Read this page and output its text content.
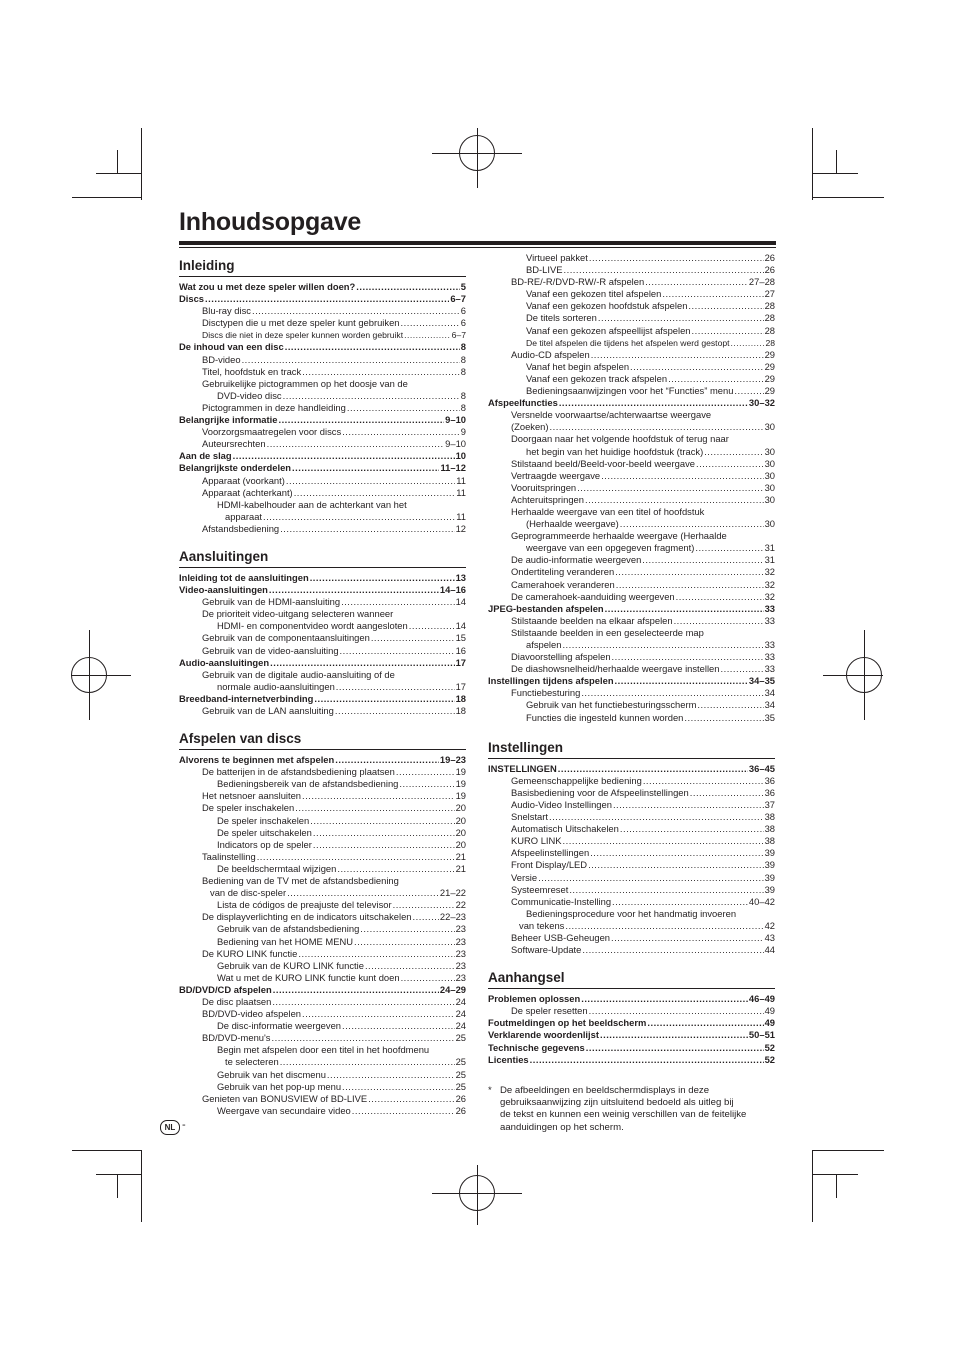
Inhoudsopgave
Inleiding
Wat zou u met deze speler willen doen? .....	5
Discs .....	6–7
Blu-ray disc .....	6
Disctypen die u met deze speler kunt gebruiken .....	6
Discs die niet in deze speler kunnen worden gebruikt .....	6–7
De inhoud van een disc .....	8
BD-video .....	8
Titel, hoofdstuk en track .....	8
Gebruikelijke pictogrammen op het doosje van de
DVD-video disc .....	8
Pictogrammen in deze handleiding .....	8
Belangrijke informatie .....	9–10
Voorzorgsmaatregelen voor discs .....	9
Auteursrechten .....	9–10
Aan de slag .....	10
Belangrijkste onderdelen .....	11–12
Apparaat (voorkant) .....	11
Apparaat (achterkant) .....	11
HDMI-kabelhouder aan de achterkant van het
apparaat .....	11
Afstandsbediening .....	12
Aansluitingen
Inleiding tot de aansluitingen .....	13
Video-aansluitingen .....	14–16
Gebruik van de HDMI-aansluiting .....	14
De prioriteit video-uitgang selecteren wanneer
HDMI- en componentvideo wordt aangesloten .....	14
Gebruik van de componentaansluitingen .....	15
Gebruik van de video-aansluiting .....	16
Audio-aansluitingen .....	17
Gebruik van de digitale audio-aansluiting of de
normale audio-aansluitingen .....	17
Breedband-internetverbinding .....	18
Gebruik van de LAN aansluiting .....	18
Afspelen van discs
Alvorens te beginnen met afspelen .....	19–23
De batterijen in de afstandsbediening plaatsen .....	19
Bedieningsbereik van de afstandsbediening .....	19
Het netsnoer aansluiten .....	19
De speler inschakelen .....	20
De speler inschakelen .....	20
De speler uitschakelen .....	20
Indicators op de speler .....	20
Taalinstelling .....	21
De beeldschermtaal wijzigen .....	21
Bediening van de TV met de afstandsbediening
van de disc-speler .....	21–22
Lista de códigos de preajuste del televisor .....	22
De displayverlichting en de indicators uitschakelen .....	22–23
Gebruik van de afstandsbediening .....	23
Bediening van het HOME MENU .....	23
De KURO LINK functie .....	23
Gebruik van de KURO LINK functie .....	23
Wat u met de KURO LINK functie kunt doen .....	23
BD/DVD/CD afspelen .....	24–29
De disc plaatsen .....	24
BD/DVD-video afspelen .....	24
De disc-informatie weergeven .....	24
BD/DVD-menu's .....	25
Begin met afspelen door een titel in het hoofdmenu
te selecteren .....	25
Gebruik van het discmenu .....	25
Gebruik van het pop-up menu .....	25
Genieten van BONUSVIEW of BD-LIVE .....	26
Weergave van secundaire video .....	26
Virtueel pakket .....	26
BD-LIVE .....	26
BD-RE/-R/DVD-RW/-R afspelen .....	27–28
Vanaf een gekozen titel afspelen .....	27
Vanaf een gekozen hoofdstuk afspelen .....	28
De titels sorteren .....	28
Vanaf een gekozen afspeellijst afspelen .....	28
De titel afspelen die tijdens het afspelen werd gestopt .....	28
Audio-CD afspelen .....	29
Vanaf het begin afspelen .....	29
Vanaf een gekozen track afspelen .....	29
Bedieningsaanwijzingen voor het “Functies” menu .....	29
Afspeelfuncties .....	30–32
Versnelde voorwaartse/achterwaartse weergave
(Zoeken) .....	30
Doorgaan naar het volgende hoofdstuk of terug naar
het begin van het huidige hoofdstuk (track) .....	30
Stilstaand beeld/Beeld-voor-beeld weergave .....	30
Vertraagde weergave .....	30
Vooruitspringen .....	30
Achteruitspringen .....	30
Herhaalde weergave van een titel of hoofdstuk
(Herhaalde weergave) .....	30
Geprogrammeerde herhaalde weergave (Herhaalde
weergave van een opgegeven fragment) .....	31
De audio-informatie weergeven .....	31
Ondertiteling veranderen .....	32
Camerahoek veranderen .....	32
De camerahoek-aanduiding weergeven .....	32
JPEG-bestanden afspelen .....	33
Stilstaande beelden na elkaar afspelen .....	33
Stilstaande beelden in een geselecteerde map
afspelen .....	33
Diavoorstelling afspelen .....	33
De diashowsnelheid/herhaalde weergave instellen .....	33
Instellingen tijdens afspelen .....	34–35
Functiebesturing .....	34
Gebruik van het functiebesturingsscherm .....	34
Functies die ingesteld kunnen worden .....	35
Instellingen
INSTELLINGEN .....	36–45
Gemeenschappelijke bediening .....	36
Basisbediening voor de Afspeelinstellingen .....	36
Audio-Video Instellingen .....	37
Snelstart .....	38
Automatisch Uitschakelen .....	38
KURO LINK .....	38
Afspeelinstellingen .....	39
Front Display/LED .....	39
Versie .....	39
Systeemreset .....	39
Communicatie-Instelling .....	40–42
Bedieningsprocedure voor het handmatig invoeren
van tekens .....	42
Beheer USB-Geheugen .....	43
Software-Update .....	44
Aanhangsel
Problemen oplossen .....	46–49
De speler resetten .....	49
Foutmeldingen op het beeldscherm .....	49
Verklarende woordenlijst .....	50–51
Technische gegevens .....	52
Licenties .....	52
* De afbeeldingen en beeldschermdisplays in deze
gebruiksaanwijzing zijn uitsluitend bedoeld als uitleg bij
de tekst en kunnen een weinig verschillen van de feitelijke
aanduidingen op het scherm.
NL -
